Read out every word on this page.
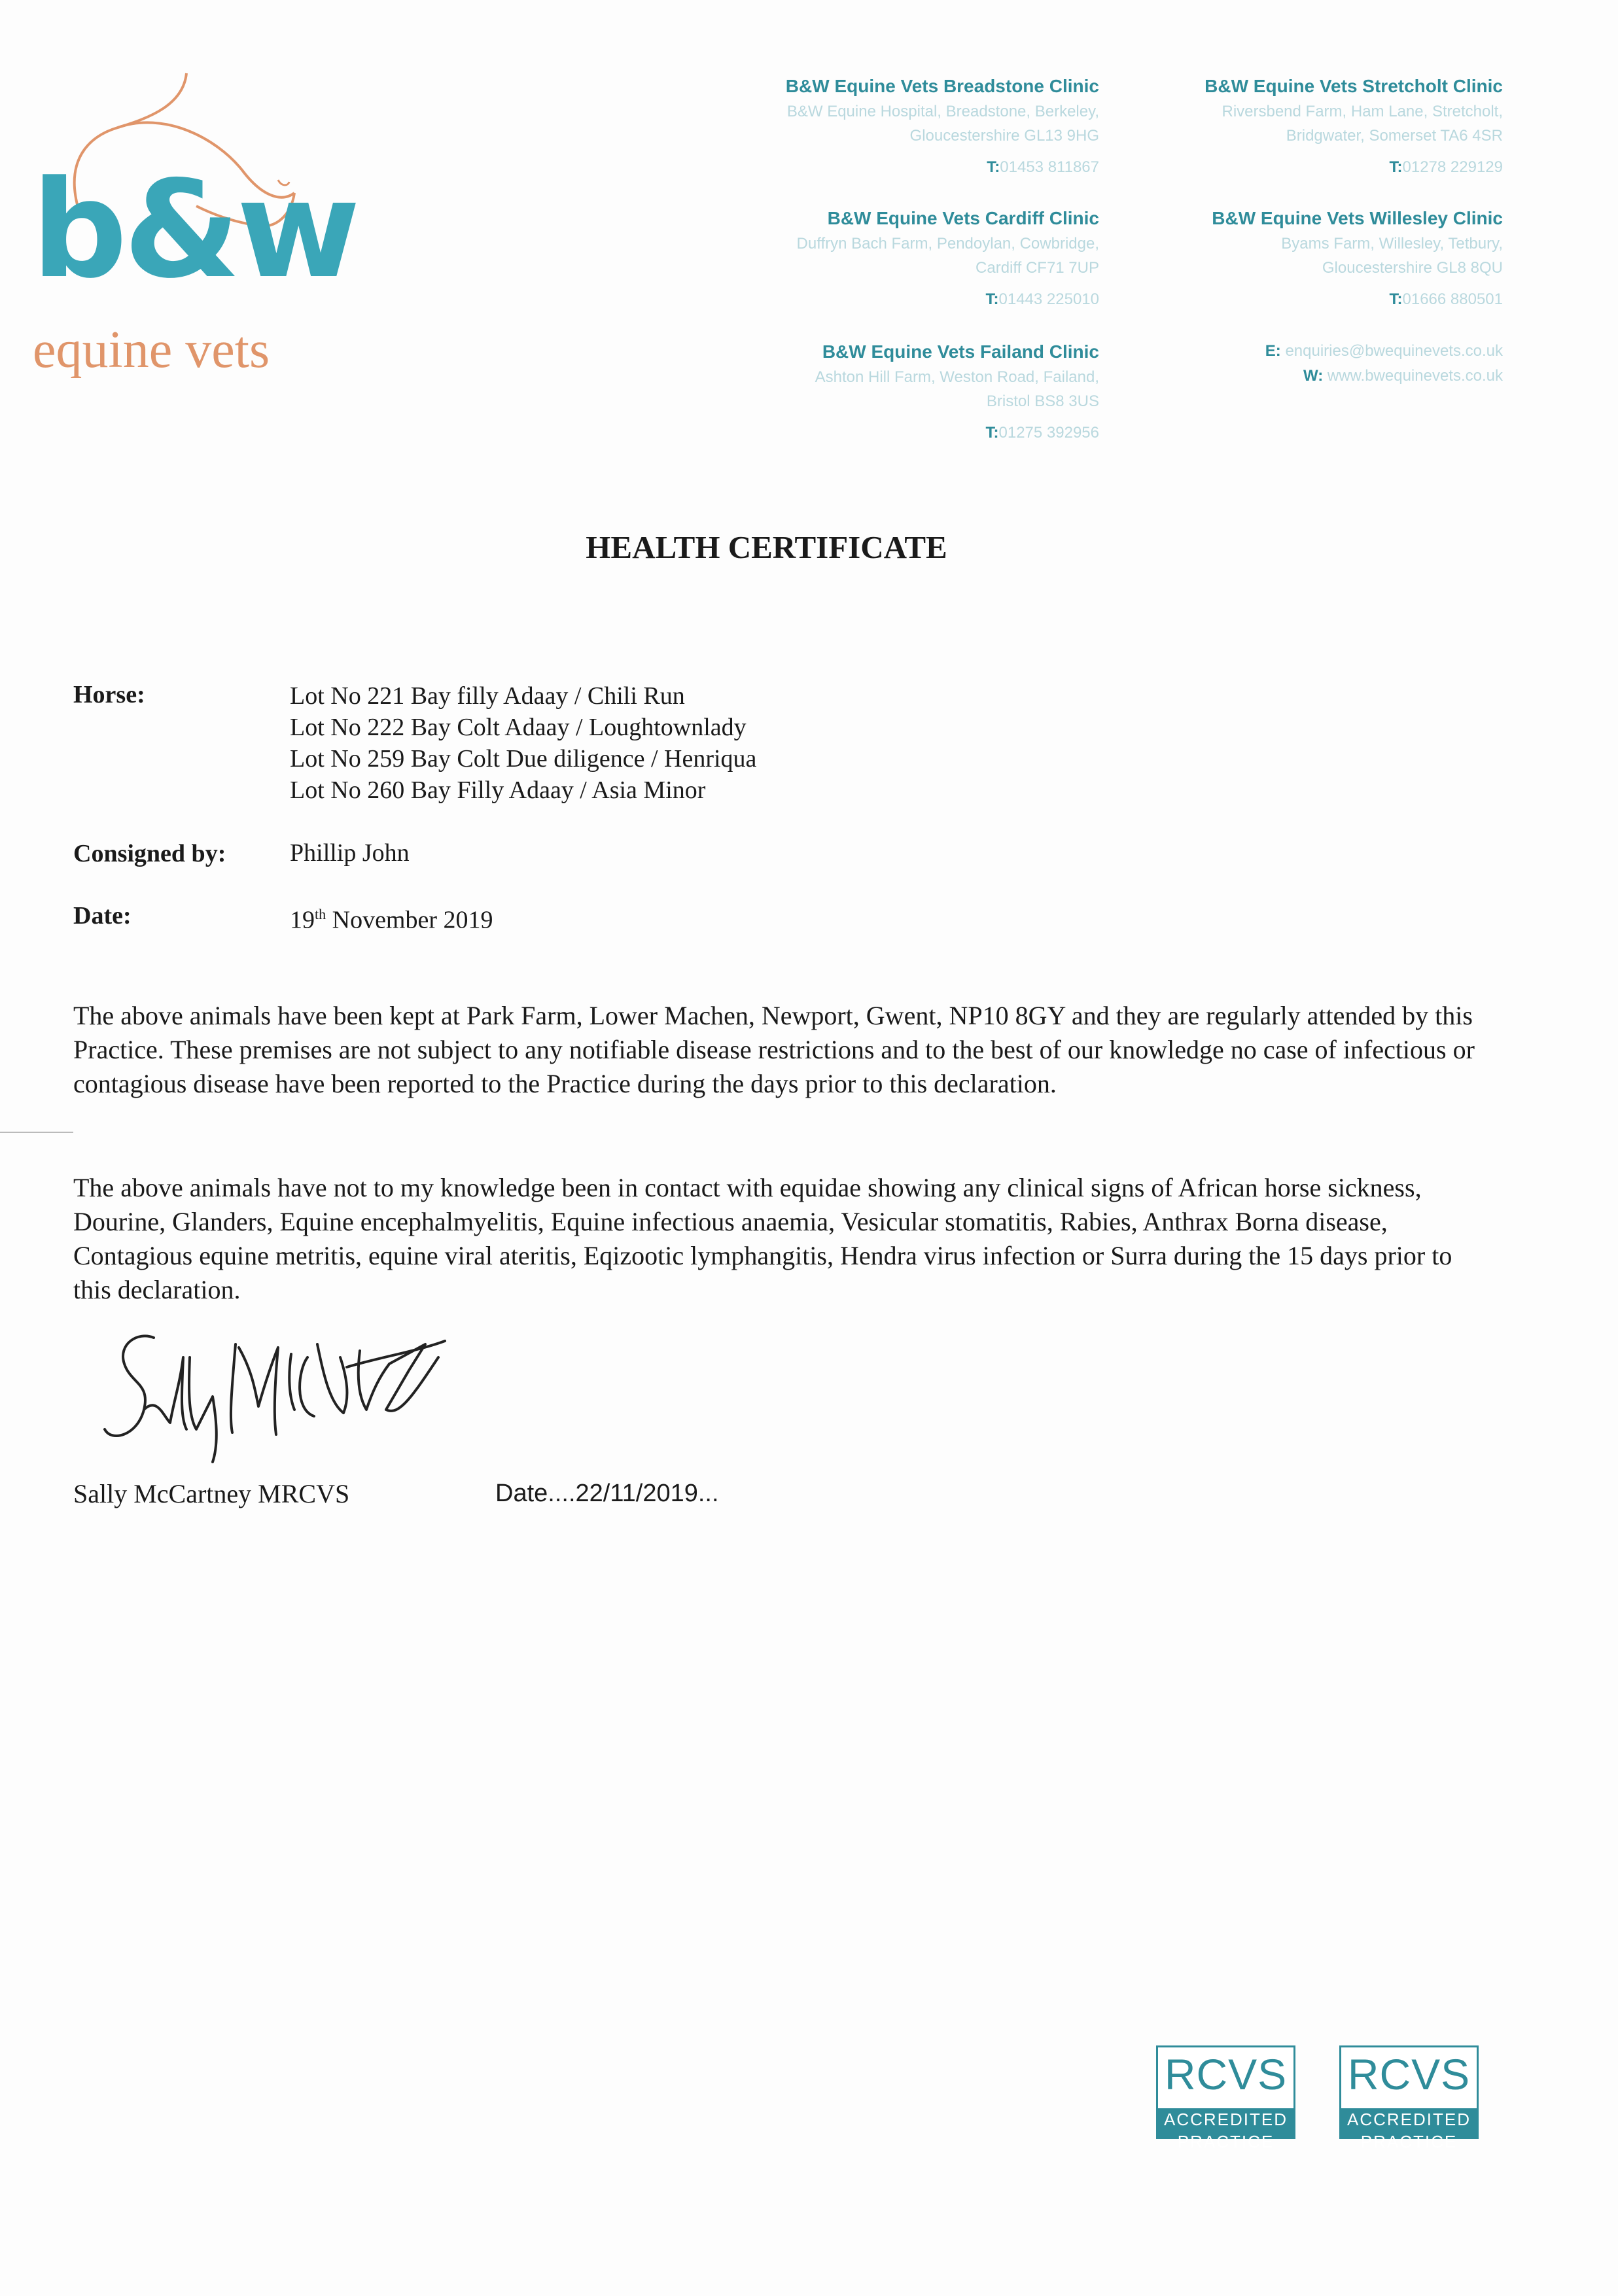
b&w
equine vets
B&W Equine Vets Breadstone Clinic
B&W Equine Hospital, Breadstone, Berkeley,
Gloucestershire GL13 9HG
T:01453 811867
B&W Equine Vets Stretcholt Clinic
Riversbend Farm, Ham Lane, Stretcholt,
Bridgwater, Somerset TA6 4SR
T:01278 229129
B&W Equine Vets Cardiff Clinic
Duffryn Bach Farm, Pendoylan, Cowbridge,
Cardiff CF71 7UP
T:01443 225010
B&W Equine Vets Willesley Clinic
Byams Farm, Willesley, Tetbury,
Gloucestershire GL8 8QU
T:01666 880501
B&W Equine Vets Failand Clinic
Ashton Hill Farm, Weston Road, Failand,
Bristol BS8 3US
T:01275 392956
E: enquiries@bwequinevets.co.uk
W: www.bwequinevets.co.uk
HEALTH CERTIFICATE
Horse:	Lot No 221 Bay filly Adaay / Chili Run
Lot No 222 Bay Colt Adaay / Loughtownlady
Lot No 259 Bay Colt Due diligence / Henriqua
Lot No 260 Bay Filly Adaay / Asia Minor
Consigned by:	Phillip John
Date:	19th November 2019
The above animals have been kept at Park Farm, Lower Machen, Newport, Gwent, NP10 8GY and they are regularly attended by this Practice. These premises are not subject to any notifiable disease restrictions and to the best of our knowledge no case of infectious or contagious disease have been reported to the Practice during the days prior to this declaration.
The above animals have not to my knowledge been in contact with equidae showing any clinical signs of African horse sickness, Dourine, Glanders, Equine encephalmyelitis, Equine infectious anaemia, Vesicular stomatitis, Rabies, Anthrax Borna disease, Contagious equine metritis, equine viral ateritis, Eqizootic lymphangitis, Hendra virus infection or Surra during the 15 days prior to this declaration.
Sally McCartney MRCVS	Date....22/11/2019...
RCVS
ACCREDITED PRACTICE
RCVS
ACCREDITED PRACTICE
